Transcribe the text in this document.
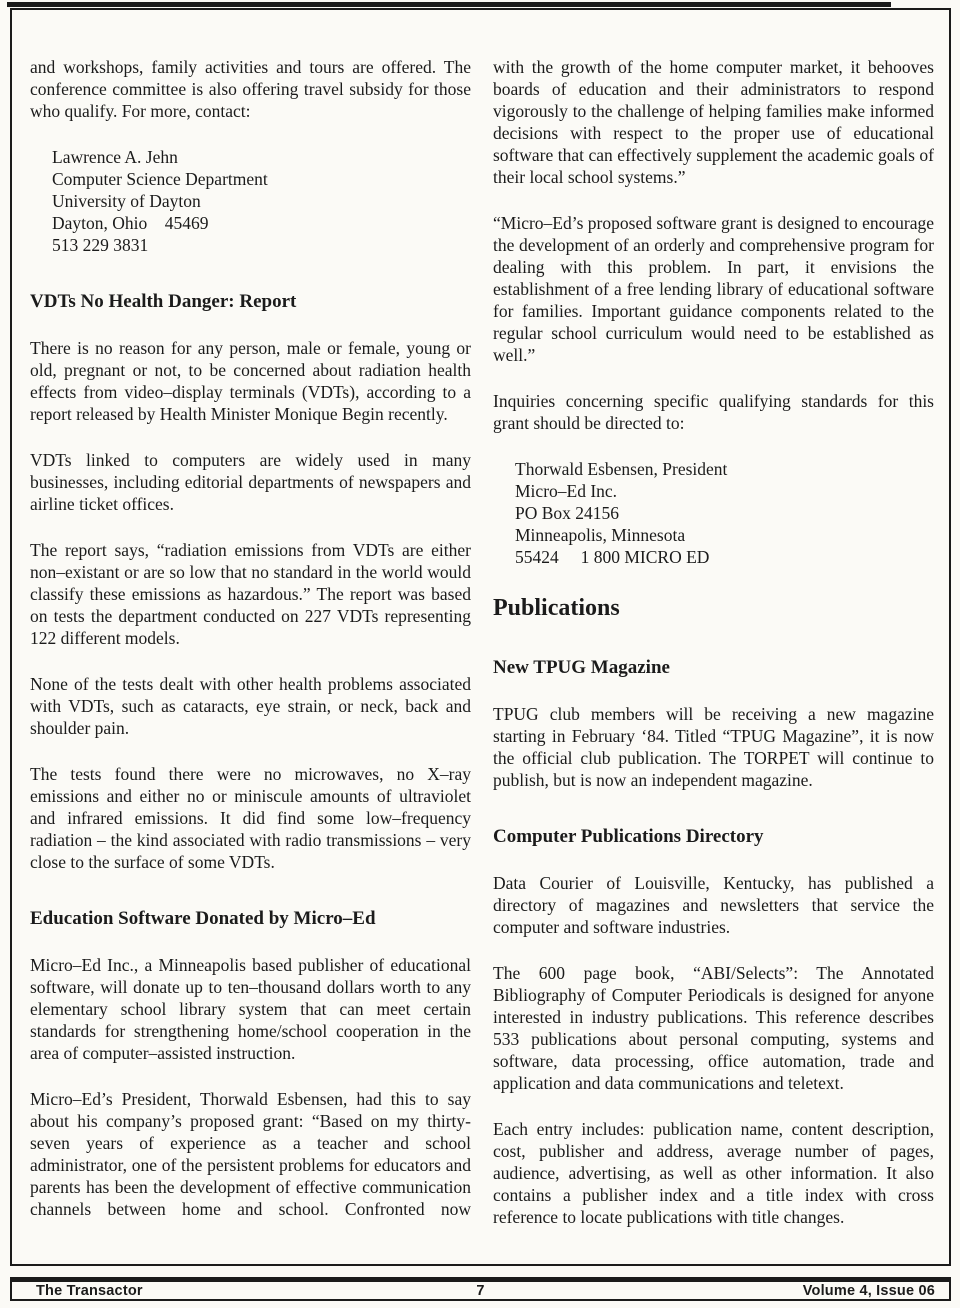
and workshops, family activities and tours are offered. The conference committee is also offering travel subsidy for those who qualify. For more, contact:

Lawrence A. Jehn
Computer Science Department
University of Dayton
Dayton, Ohio    45469
513 229 3831
VDTs No Health Danger: Report

There is no reason for any person, male or female, young or old, pregnant or not, to be concerned about radiation health effects from video–display terminals (VDTs), according to a report released by Health Minister Monique Begin recently.

VDTs linked to computers are widely used in many businesses, including editorial departments of newspapers and airline ticket offices.

The report says, “radiation emissions from VDTs are either non–existant or are so low that no standard in the world would classify these emissions as hazardous.” The report was based on tests the department conducted on 227 VDTs representing 122 different models.

None of the tests dealt with other health problems associated with VDTs, such as cataracts, eye strain, or neck, back and shoulder pain.

The tests found there were no microwaves, no X–ray emissions and either no or miniscule amounts of ultraviolet and infrared emissions. It did find some low–frequency radiation – the kind associated with radio transmissions – very close to the surface of some VDTs.

Education Software Donated by Micro–Ed

Micro–Ed Inc., a Minneapolis based publisher of educational software, will donate up to ten–thousand dollars worth to any elementary school library system that can meet certain standards for strengthening home/school cooperation in the area of computer–assisted instruction.

Micro–Ed’s President, Thorwald Esbensen, had this to say about his company’s proposed grant: “Based on my thirty-seven years of experience as a teacher and school administrator, one of the persistent problems for educators and parents has been the development of effective communication channels between home and school. Confronted now

with the growth of the home computer market, it behooves boards of education and their administrators to respond vigorously to the challenge of helping families make informed decisions with respect to the proper use of educational software that can effectively supplement the academic goals of their local school systems.”

“Micro–Ed’s proposed software grant is designed to encourage the development of an orderly and comprehensive program for dealing with this problem. In part, it envisions the establishment of a free lending library of educational software for families. Important guidance components related to the regular school curriculum would need to be established as well.”

Inquiries concerning specific qualifying standards for this grant should be directed to:

Thorwald Esbensen, President
Micro–Ed Inc.
PO Box 24156
Minneapolis, Minnesota
55424     1 800 MICRO ED
Publications
New TPUG Magazine

TPUG club members will be receiving a new magazine starting in February ‘84. Titled “TPUG Magazine”, it is now the official club publication. The TORPET will continue to publish, but is now an independent magazine.

Computer Publications Directory

Data Courier of Louisville, Kentucky, has published a directory of magazines and newsletters that service the computer and software industries.

The 600 page book, “ABI/Selects”: The Annotated Bibliography of Computer Periodicals is designed for anyone interested in industry publications. This reference describes 533 publications about personal computing, systems and software, data processing, office automation, trade and application and data communications and teletext.

Each entry includes: publication name, content description, cost, publisher and address, average number of pages, audience, advertising, as well as other information. It also contains a publisher index and a title index with cross reference to locate publications with title changes.

The Transactor	7	Volume 4, Issue 06
